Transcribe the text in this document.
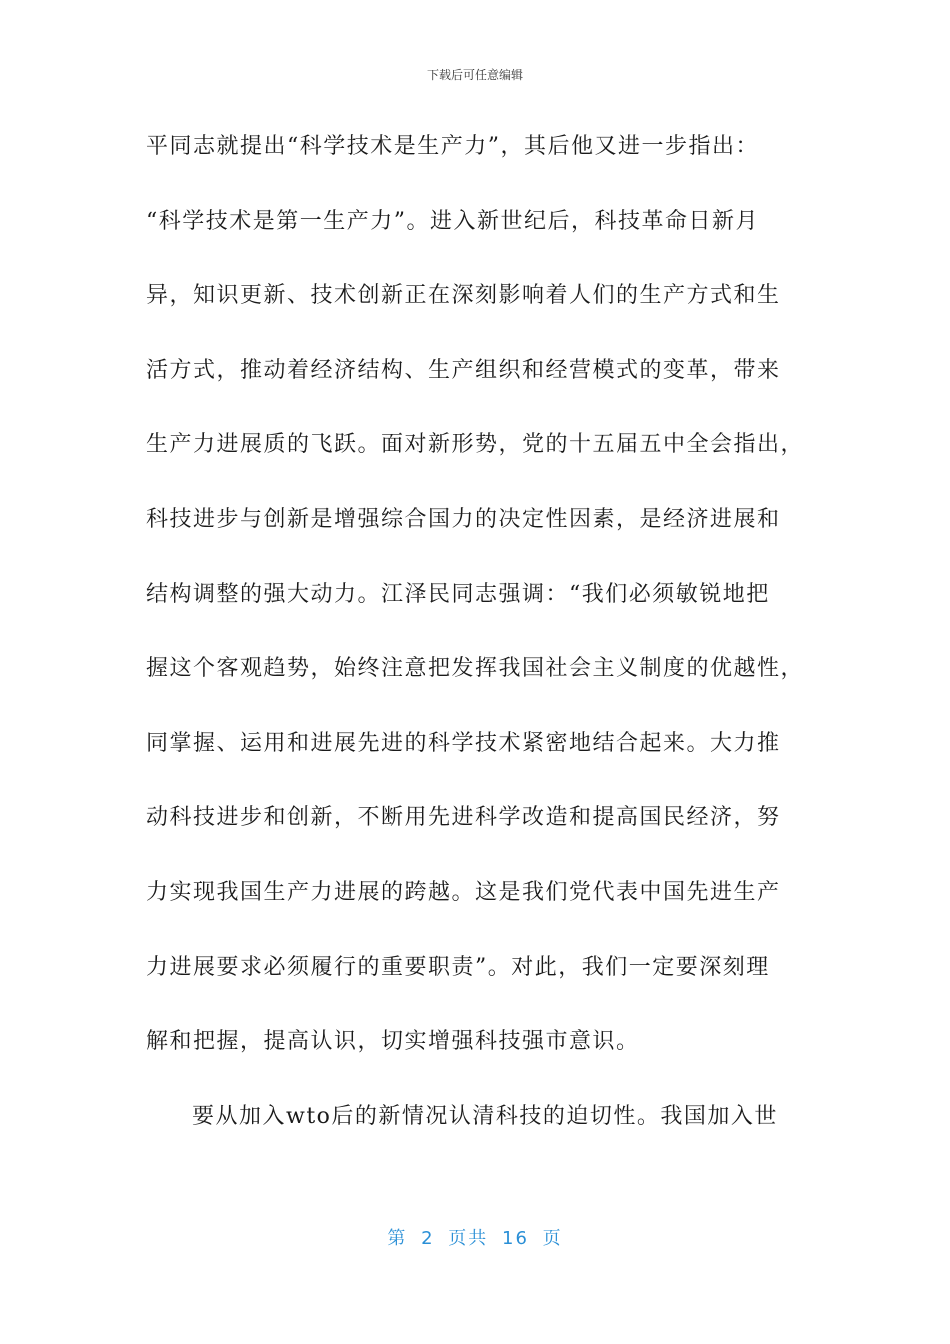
下载后可任意编辑
平同志就提出“科学技术是生产力”，其后他又进一步指出：
“科学技术是第一生产力”。进入新世纪后，科技革命日新月
异，知识更新、技术创新正在深刻影响着人们的生产方式和生
活方式，推动着经济结构、生产组织和经营模式的变革，带来
生产力进展质的飞跃。面对新形势，党的十五届五中全会指出，
科技进步与创新是增强综合国力的决定性因素，是经济进展和
结构调整的强大动力。江泽民同志强调：“我们必须敏锐地把
握这个客观趋势，始终注意把发挥我国社会主义制度的优越性，
同掌握、运用和进展先进的科学技术紧密地结合起来。大力推
动科技进步和创新，不断用先进科学改造和提高国民经济，努
力实现我国生产力进展的跨越。这是我们党代表中国先进生产
力进展要求必须履行的重要职责”。对此，我们一定要深刻理
解和把握，提高认识，切实增强科技强市意识。
要从加入wto后的新情况认清科技的迫切性。我国加入世
第 2 页共 16 页
